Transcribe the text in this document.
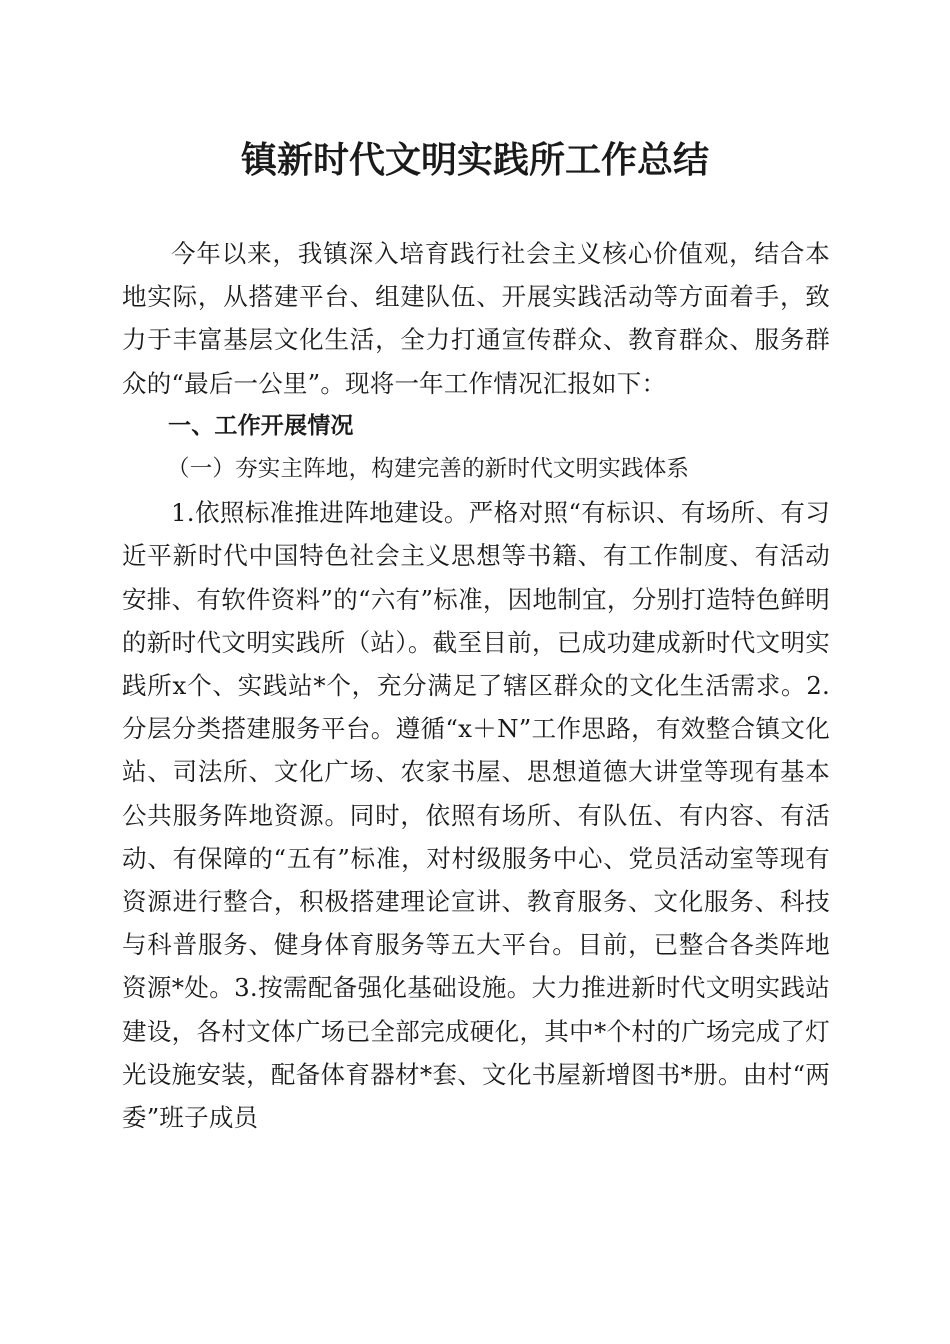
镇新时代文明实践所工作总结

今年以来，我镇深入培育践行社会主义核心价值观，结合本地实际，从搭建平台、组建队伍、开展实践活动等方面着手，致力于丰富基层文化生活，全力打通宣传群众、教育群众、服务群众的“最后一公里”。现将一年工作情况汇报如下：

一、工作开展情况

（一）夯实主阵地，构建完善的新时代文明实践体系

1.依照标准推进阵地建设。严格对照“有标识、有场所、有习近平新时代中国特色社会主义思想等书籍、有工作制度、有活动安排、有软件资料”的“六有”标准，因地制宜，分别打造特色鲜明的新时代文明实践所（站）。截至目前，已成功建成新时代文明实践所x个、实践站*个，充分满足了辖区群众的文化生活需求。2.分层分类搭建服务平台。遵循“x＋N”工作思路，有效整合镇文化站、司法所、文化广场、农家书屋、思想道德大讲堂等现有基本公共服务阵地资源。同时，依照有场所、有队伍、有内容、有活动、有保障的“五有”标准，对村级服务中心、党员活动室等现有资源进行整合，积极搭建理论宣讲、教育服务、文化服务、科技与科普服务、健身体育服务等五大平台。目前，已整合各类阵地资源*处。3.按需配备强化基础设施。大力推进新时代文明实践站建设，各村文体广场已全部完成硬化，其中*个村的广场完成了灯光设施安装，配备体育器材*套、文化书屋新增图书*册。由村“两委”班子成员
